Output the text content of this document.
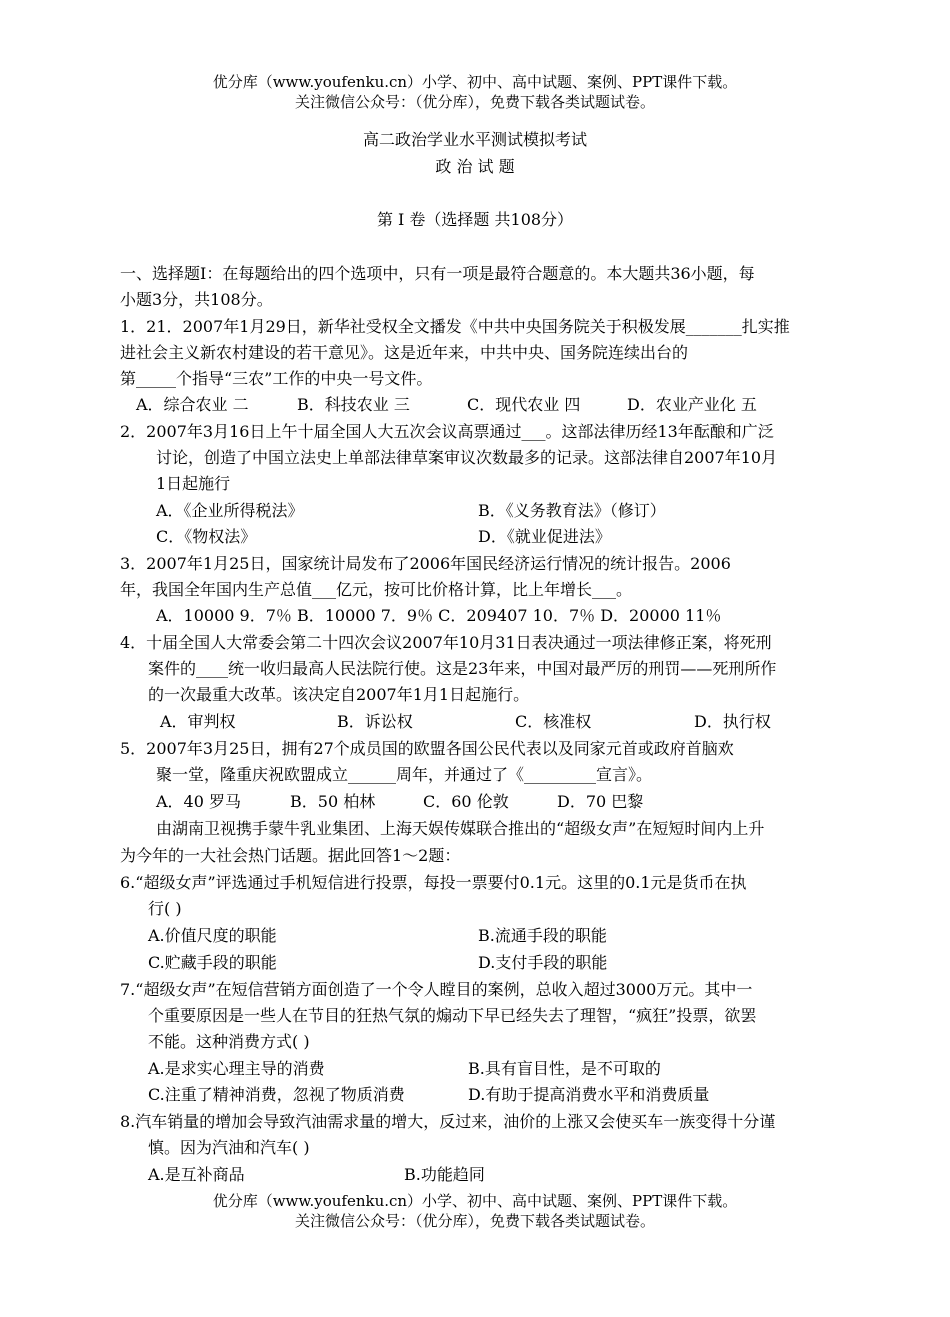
优分库（www.youfenku.cn）小学、初中、高中试题、案例、PPT课件下载。
关注微信公众号：（优分库），免费下载各类试题试卷。
高二政治学业水平测试模拟考试
政 治 试 题
第 Ⅰ 卷（选择题 共108分）
一、选择题Ⅰ：在每题给出的四个选项中，只有一项是最符合题意的。本大题共36小题，每
小题3分，共108分。
1．21．2007年1月29日，新华社受权全文播发《中共中央国务院关于积极发展_______扎实推
进社会主义新农村建设的若干意见》。这是近年来，中共中央、国务院连续出台的
第_____个指导“三农”工作的中央一号文件。
A．综合农业 二	B．科技农业 三	C．现代农业 四	D．农业产业化 五
2．2007年3月16日上午十届全国人大五次会议高票通过___。这部法律历经13年酝酿和广泛
讨论，创造了中国立法史上单部法律草案审议次数最多的记录。这部法律自2007年10月
1日起施行
A．《企业所得税法》	B．《义务教育法》（修订）
C．《物权法》	D．《就业促进法》
3．2007年1月25日，国家统计局发布了2006年国民经济运行情况的统计报告。2006
年，我国全年国内生产总值___亿元，按可比价格计算，比上年增长___。
A．10000 9．7％ B．10000 7．9％ C．209407 10．7％ D．20000 11％
4．十届全国人大常委会第二十四次会议2007年10月31日表决通过一项法律修正案，将死刑
案件的____统一收归最高人民法院行使。这是23年来，中国对最严厉的刑罚——死刑所作
的一次最重大改革。该决定自2007年1月1日起施行。
A．审判权	B．诉讼权	C．核准权	D．执行权
5．2007年3月25日，拥有27个成员国的欧盟各国公民代表以及同家元首或政府首脑欢
聚一堂，隆重庆祝欧盟成立______周年，并通过了《_________宣言》。
A．40 罗马	B．50 柏林	C．60 伦敦	D．70 巴黎
由湖南卫视携手蒙牛乳业集团、上海天娱传媒联合推出的“超级女声”在短短时间内上升
为今年的一大社会热门话题。据此回答1～2题：
6.“超级女声”评选通过手机短信进行投票，每投一票要付0.1元。这里的0.1元是货币在执
行( )
A.价值尺度的职能	B.流通手段的职能
C.贮藏手段的职能	D.支付手段的职能
7.“超级女声”在短信营销方面创造了一个令人瞠目的案例，总收入超过3000万元。其中一
个重要原因是一些人在节目的狂热气氛的煽动下早已经失去了理智，“疯狂”投票，欲罢
不能。这种消费方式( )
A.是求实心理主导的消费	B.具有盲目性，是不可取的
C.注重了精神消费，忽视了物质消费	D.有助于提高消费水平和消费质量
8.汽车销量的增加会导致汽油需求量的增大，反过来，油价的上涨又会使买车一族变得十分谨
慎。因为汽油和汽车( )
A.是互补商品	B.功能趋同
优分库（www.youfenku.cn）小学、初中、高中试题、案例、PPT课件下载。
关注微信公众号：（优分库），免费下载各类试题试卷。
